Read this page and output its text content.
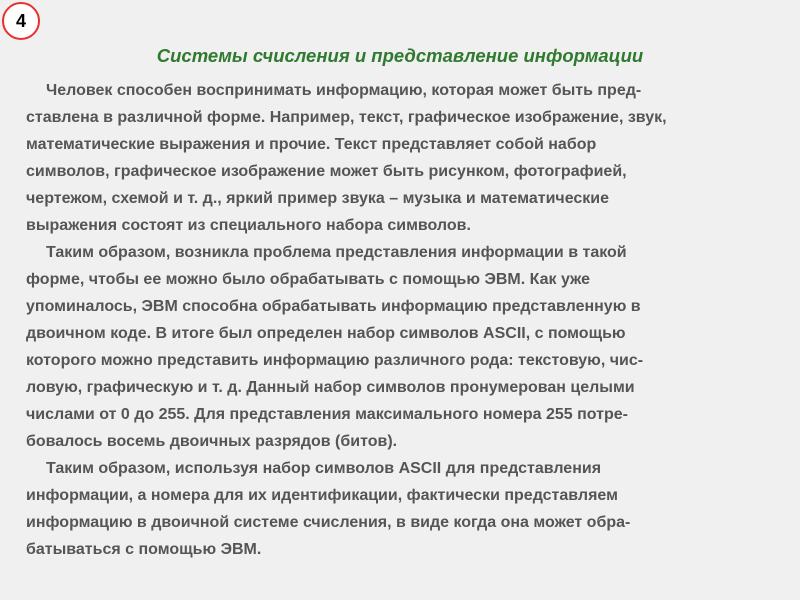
4
Системы счисления и представление информации
Человек способен воспринимать информацию, которая может быть пред-
ставлена в различной форме. Например, текст, графическое изображение, звук,
математические выражения и прочие. Текст представляет собой набор
символов, графическое изображение может быть рисунком, фотографией,
чертежом, схемой и т. д., яркий пример звука – музыка и математические
выражения состоят из специального набора символов.
Таким образом, возникла проблема представления информации в такой
форме, чтобы ее можно было обрабатывать с помощью ЭВМ. Как уже
упоминалось, ЭВМ способна обрабатывать информацию представленную в
двоичном коде. В итоге был определен набор символов ASCII, с помощью
которого можно представить информацию различного рода: текстовую, чис-
ловую, графическую и т. д. Данный набор символов пронумерован целыми
числами от 0 до 255. Для представления максимального номера 255 потре-
бовалось восемь двоичных разрядов (битов).
Таким образом, используя набор символов ASCII для представления
информации, а номера для их идентификации, фактически представляем
информацию в двоичной системе счисления, в виде когда она может обра-
батываться с помощью ЭВМ.
